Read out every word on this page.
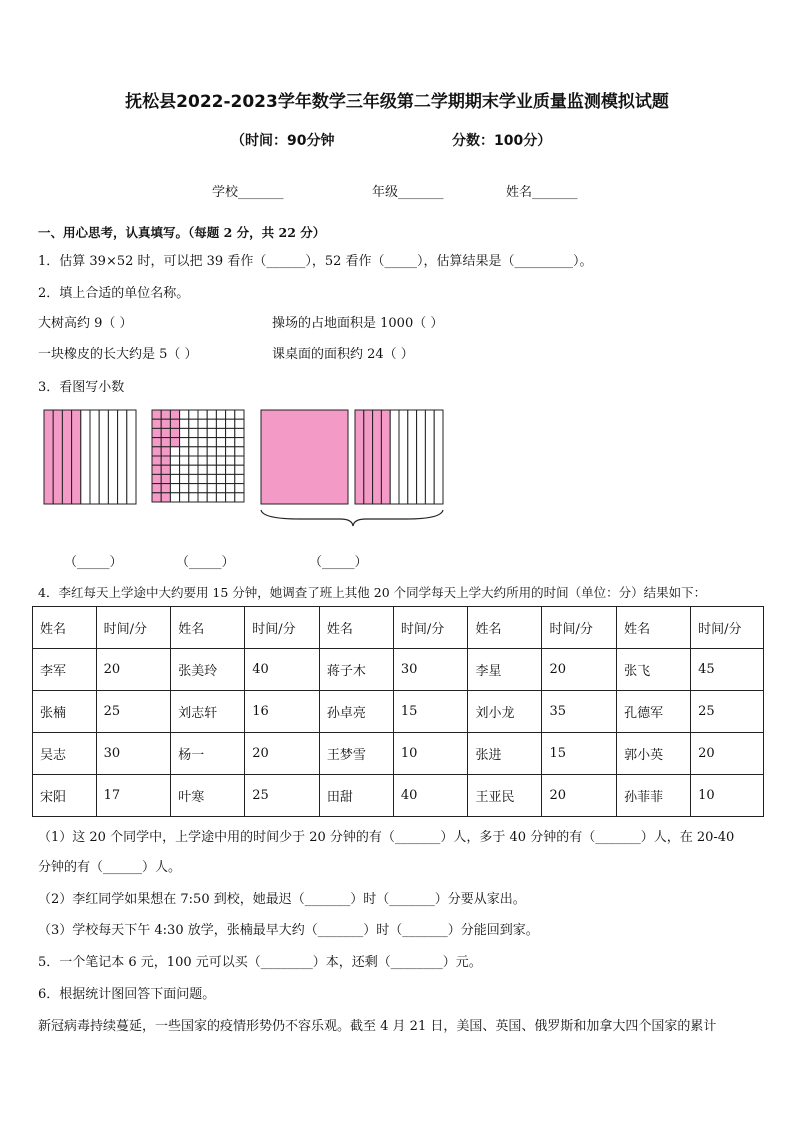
抚松县2022-2023学年数学三年级第二学期期末学业质量监测模拟试题
（时间：90分钟	分数：100分）
学校_______	年级_______	姓名_______
一、用心思考，认真填写。（每题 2 分，共 22 分）
1．估算 39×52 时，可以把 39 看作（______），52 看作（_____），估算结果是（_________）。
2．填上合适的单位名称。
大树高约 9（ ）	操场的占地面积是 1000（ ）
一块橡皮的长大约是 5（ ）	课桌面的面积约 24（ ）
3．看图写小数
（_____）	（_____）	（_____）
4．李红每天上学途中大约要用 15 分钟，她调查了班上其他 20 个同学每天上学大约所用的时间（单位：分）结果如下：
姓名	时间/分	姓名	时间/分	姓名	时间/分	姓名	时间/分	姓名	时间/分
李军	20	张美玲	40	蒋子木	30	李星	20	张飞	45
张楠	25	刘志轩	16	孙卓亮	15	刘小龙	35	孔德军	25
吴志	30	杨一	20	王梦雪	10	张进	15	郭小英	20
宋阳	17	叶寒	25	田甜	40	王亚民	20	孙菲菲	10
（1）这 20 个同学中，上学途中用的时间少于 20 分钟的有（_______）人，多于 40 分钟的有（_______）人，在 20-40
分钟的有（______）人。
（2）李红同学如果想在 7:50 到校，她最迟（_______）时（_______）分要从家出。
（3）学校每天下午 4:30 放学，张楠最早大约（_______）时（_______）分能回到家。
5．一个笔记本 6 元，100 元可以买（________）本，还剩（________）元。
6．根据统计图回答下面问题。
新冠病毒持续蔓延，一些国家的疫情形势仍不容乐观。截至 4 月 21 日，美国、英国、俄罗斯和加拿大四个国家的累计
